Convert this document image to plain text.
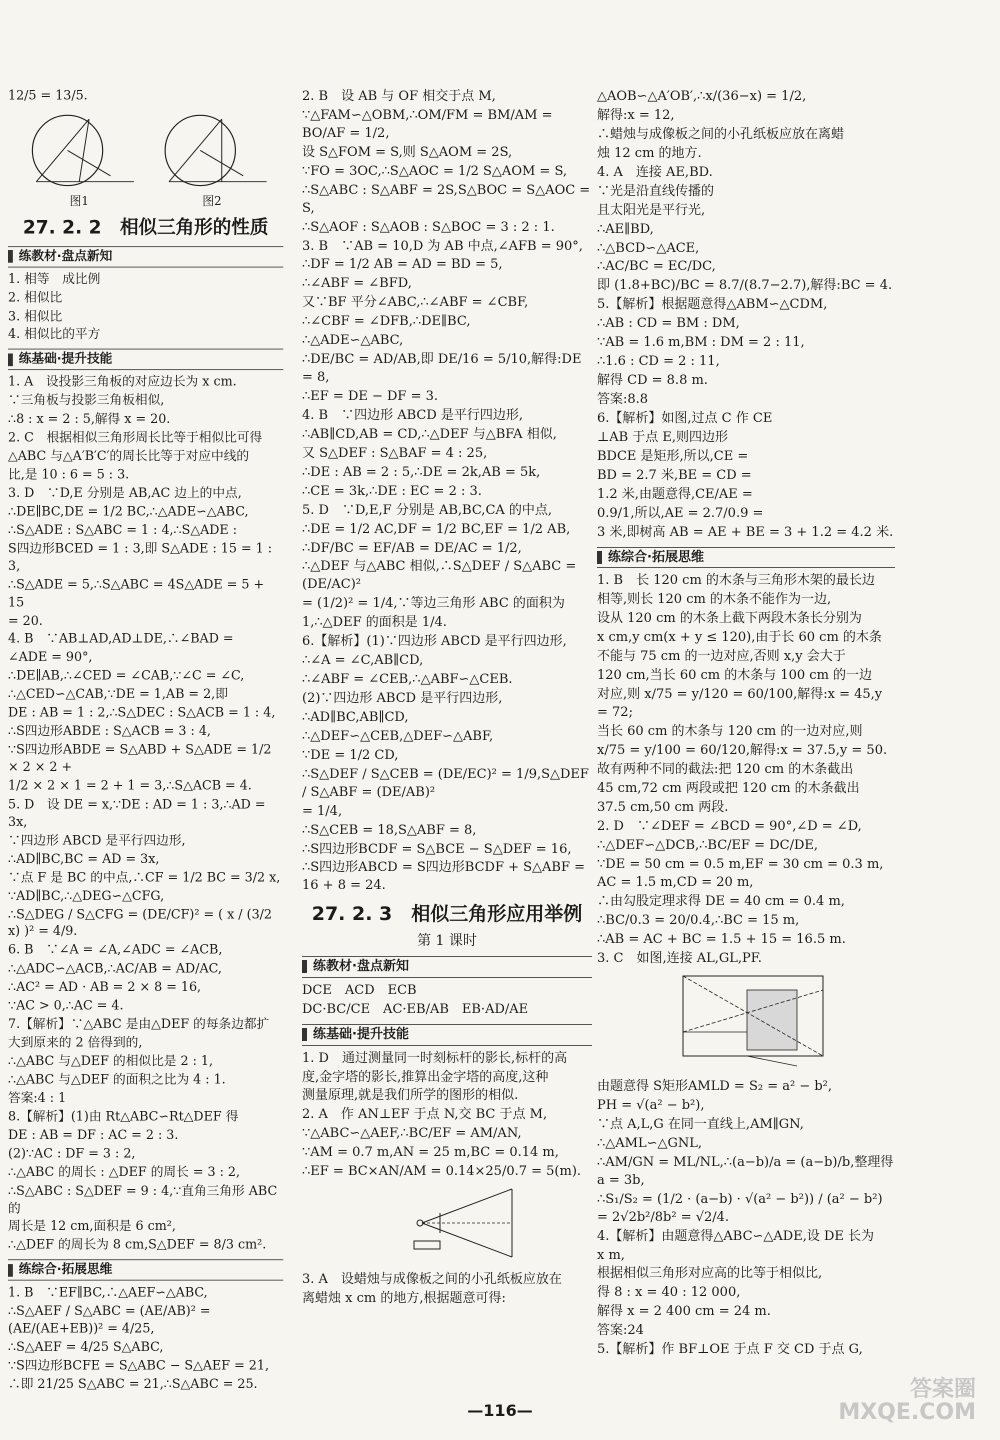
12/5 = 13/5.

图1	图2
27. 2. 2　相似三角形的性质
练教材·盘点新知

1. 相等　成比例

2. 相似比

3. 相似比

4. 相似比的平方

练基础·提升技能

1. A　设投影三角板的对应边长为 x cm.

∵三角板与投影三角板相似,

∴8 : x = 2 : 5,解得 x = 20.

2. C　根据相似三角形周长比等于相似比可得

△ABC 与△A′B′C′的周长比等于对应中线的

比,是 10 : 6 = 5 : 3.

3. D　∵D,E 分别是 AB,AC 边上的中点,

∴DE∥BC,DE = 1/2 BC,∴△ADE∽△ABC,

∴S△ADE : S△ABC = 1 : 4,∴S△ADE :

S四边形BCED = 1 : 3,即 S△ADE : 15 = 1 : 3,

∴S△ADE = 5,∴S△ABC = 4S△ADE = 5 + 15

= 20.

4. B　∵AB⊥AD,AD⊥DE,∴∠BAD =

∠ADE = 90°,

∴DE∥AB,∴∠CED = ∠CAB,∵∠C = ∠C,

∴△CED∽△CAB,∵DE = 1,AB = 2,即

DE : AB = 1 : 2,∴S△DEC : S△ACB = 1 : 4,

∴S四边形ABDE : S△ACB = 3 : 4,

∵S四边形ABDE = S△ABD + S△ADE = 1/2 × 2 × 2 +

1/2 × 2 × 1 = 2 + 1 = 3,∴S△ACB = 4.

5. D　设 DE = x,∵DE : AD = 1 : 3,∴AD = 3x,

∵四边形 ABCD 是平行四边形,

∴AD∥BC,BC = AD = 3x,

∵点 F 是 BC 的中点,∴CF = 1/2 BC = 3/2 x,

∵AD∥BC,∴△DEG∽△CFG,

∴S△DEG / S△CFG = (DE/CF)² = ( x / (3/2 x) )² = 4/9.

6. B　∵∠A = ∠A,∠ADC = ∠ACB,

∴△ADC∽△ACB,∴AC/AB = AD/AC,

∴AC² = AD · AB = 2 × 8 = 16,

∵AC > 0,∴AC = 4.

7.【解析】∵△ABC 是由△DEF 的每条边都扩

大到原来的 2 倍得到的,

∴△ABC 与△DEF 的相似比是 2 : 1,

∴△ABC 与△DEF 的面积之比为 4 : 1.

答案:4 : 1

8.【解析】(1)由 Rt△ABC∽Rt△DEF 得

DE : AB = DF : AC = 2 : 3.

(2)∵AC : DF = 3 : 2,

∴△ABC 的周长 : △DEF 的周长 = 3 : 2,

∴S△ABC : S△DEF = 9 : 4,∵直角三角形 ABC 的

周长是 12 cm,面积是 6 cm²,

∴△DEF 的周长为 8 cm,S△DEF = 8/3 cm².

练综合·拓展思维

1. B　∵EF∥BC,∴△AEF∽△ABC,

∴S△AEF / S△ABC = (AE/AB)² = (AE/(AE+EB))² = 4/25,

∴S△AEF = 4/25 S△ABC,

∵S四边形BCFE = S△ABC − S△AEF = 21,

∴即 21/25 S△ABC = 21,∴S△ABC = 25.

2. B　设 AB 与 OF 相交于点 M,

∵△FAM∽△OBM,∴OM/FM = BM/AM = BO/AF = 1/2,

设 S△FOM = S,则 S△AOM = 2S,

∵FO = 3OC,∴S△AOC = 1/2 S△AOM = S,

∴S△ABC : S△ABF = 2S,S△BOC = S△AOC = S,

∴S△AOF : S△AOB : S△BOC = 3 : 2 : 1.

3. B　∵AB = 10,D 为 AB 中点,∠AFB = 90°,

∴DF = 1/2 AB = AD = BD = 5,

∴∠ABF = ∠BFD,

又∵BF 平分∠ABC,∴∠ABF = ∠CBF,

∴∠CBF = ∠DFB,∴DE∥BC,

∴△ADE∽△ABC,

∴DE/BC = AD/AB,即 DE/16 = 5/10,解得:DE = 8,

∴EF = DE − DF = 3.

4. B　∵四边形 ABCD 是平行四边形,

∴AB∥CD,AB = CD,∴△DEF 与△BFA 相似,

又 S△DEF : S△BAF = 4 : 25,

∴DE : AB = 2 : 5,∴DE = 2k,AB = 5k,

∴CE = 3k,∴DE : EC = 2 : 3.

5. D　∵D,E,F 分别是 AB,BC,CA 的中点,

∴DE = 1/2 AC,DF = 1/2 BC,EF = 1/2 AB,

∴DF/BC = EF/AB = DE/AC = 1/2,

∴△DEF 与△ABC 相似,∴S△DEF / S△ABC = (DE/AC)²

= (1/2)² = 1/4,∵等边三角形 ABC 的面积为

1,∴△DEF 的面积是 1/4.

6.【解析】(1)∵四边形 ABCD 是平行四边形,

∴∠A = ∠C,AB∥CD,

∴∠ABF = ∠CEB,∴△ABF∽△CEB.

(2)∵四边形 ABCD 是平行四边形,

∴AD∥BC,AB∥CD,

∴△DEF∽△CEB,△DEF∽△ABF,

∵DE = 1/2 CD,

∴S△DEF / S△CEB = (DE/EC)² = 1/9,S△DEF / S△ABF = (DE/AB)²

= 1/4,

∴S△CEB = 18,S△ABF = 8,

∴S四边形BCDF = S△BCE − S△DEF = 16,

∴S四边形ABCD = S四边形BCDF + S△ABF = 16 + 8 = 24.

27. 2. 3　相似三角形应用举例
第 1 课时
练教材·盘点新知

DCE　ACD　ECB

DC·BC/CE　AC·EB/AB　EB·AD/AE

练基础·提升技能

1. D　通过测量同一时刻标杆的影长,标杆的高

度,金字塔的影长,推算出金字塔的高度,这种

测量原理,就是我们所学的图形的相似.

2. A　作 AN⊥EF 于点 N,交 BC 于点 M,

∵△ABC∽△AEF,∴BC/EF = AM/AN,

∵AM = 0.7 m,AN = 25 m,BC = 0.14 m,

∴EF = BC×AN/AM = 0.14×25/0.7 = 5(m).

3. A　设蜡烛与成像板之间的小孔纸板应放在

离蜡烛 x cm 的地方,根据题意可得:

△AOB∽△A′OB′,∴x/(36−x) = 1/2,

解得:x = 12,

∴蜡烛与成像板之间的小孔纸板应放在离蜡

烛 12 cm 的地方.

4. A　连接 AE,BD.

∵光是沿直线传播的

且太阳光是平行光,

∴AE∥BD,

∴△BCD∽△ACE,

∴AC/BC = EC/DC,

即 (1.8+BC)/BC = 8.7/(8.7−2.7),解得:BC = 4.

5.【解析】根据题意得△ABM∽△CDM,

∴AB : CD = BM : DM,

∵AB = 1.6 m,BM : DM = 2 : 11,

∴1.6 : CD = 2 : 11,

解得 CD = 8.8 m.

答案:8.8

6.【解析】如图,过点 C 作 CE

⊥AB 于点 E,则四边形

BDCE 是矩形,所以,CE =

BD = 2.7 米,BE = CD =

1.2 米,由题意得,CE/AE =

0.9/1,所以,AE = 2.7/0.9 =

3 米,即树高 AB = AE + BE = 3 + 1.2 = 4.2 米.

练综合·拓展思维

1. B　长 120 cm 的木条与三角形木架的最长边

相等,则长 120 cm 的木条不能作为一边,

设从 120 cm 的木条上截下两段木条长分别为

x cm,y cm(x + y ≤ 120),由于长 60 cm 的木条

不能与 75 cm 的一边对应,否则 x,y 会大于

120 cm,当长 60 cm 的木条与 100 cm 的一边

对应,则 x/75 = y/120 = 60/100,解得:x = 45,y = 72;

当长 60 cm 的木条与 120 cm 的一边对应,则

x/75 = y/100 = 60/120,解得:x = 37.5,y = 50.

故有两种不同的截法:把 120 cm 的木条截出

45 cm,72 cm 两段或把 120 cm 的木条截出

37.5 cm,50 cm 两段.

2. D　∵∠DEF = ∠BCD = 90°,∠D = ∠D,

∴△DEF∽△DCB,∴BC/EF = DC/DE,

∵DE = 50 cm = 0.5 m,EF = 30 cm = 0.3 m,

AC = 1.5 m,CD = 20 m,

∴由勾股定理求得 DE = 40 cm = 0.4 m,

∴BC/0.3 = 20/0.4,∴BC = 15 m,

∴AB = AC + BC = 1.5 + 15 = 16.5 m.

3. C　如图,连接 AL,GL,PF.

由题意得 S矩形AMLD = S₂ = a² − b²,

PH = √(a² − b²),

∵点 A,L,G 在同一直线上,AM∥GN,

∴△AML∽△GNL,

∴AM/GN = ML/NL,∴(a−b)/a = (a−b)/b,整理得 a = 3b,

∴S₁/S₂ = (1/2 · (a−b) · √(a² − b²)) / (a² − b²) = 2√2b²/8b² = √2/4.

4.【解析】由题意得△ABC∽△ADE,设 DE 长为

x m,

根据相似三角形对应高的比等于相似比,

得 8 : x = 40 : 12 000,

解得 x = 2 400 cm = 24 m.

答案:24

5.【解析】作 BF⊥OE 于点 F 交 CD 于点 G,

—116—
答案圈
MXQE.COM
